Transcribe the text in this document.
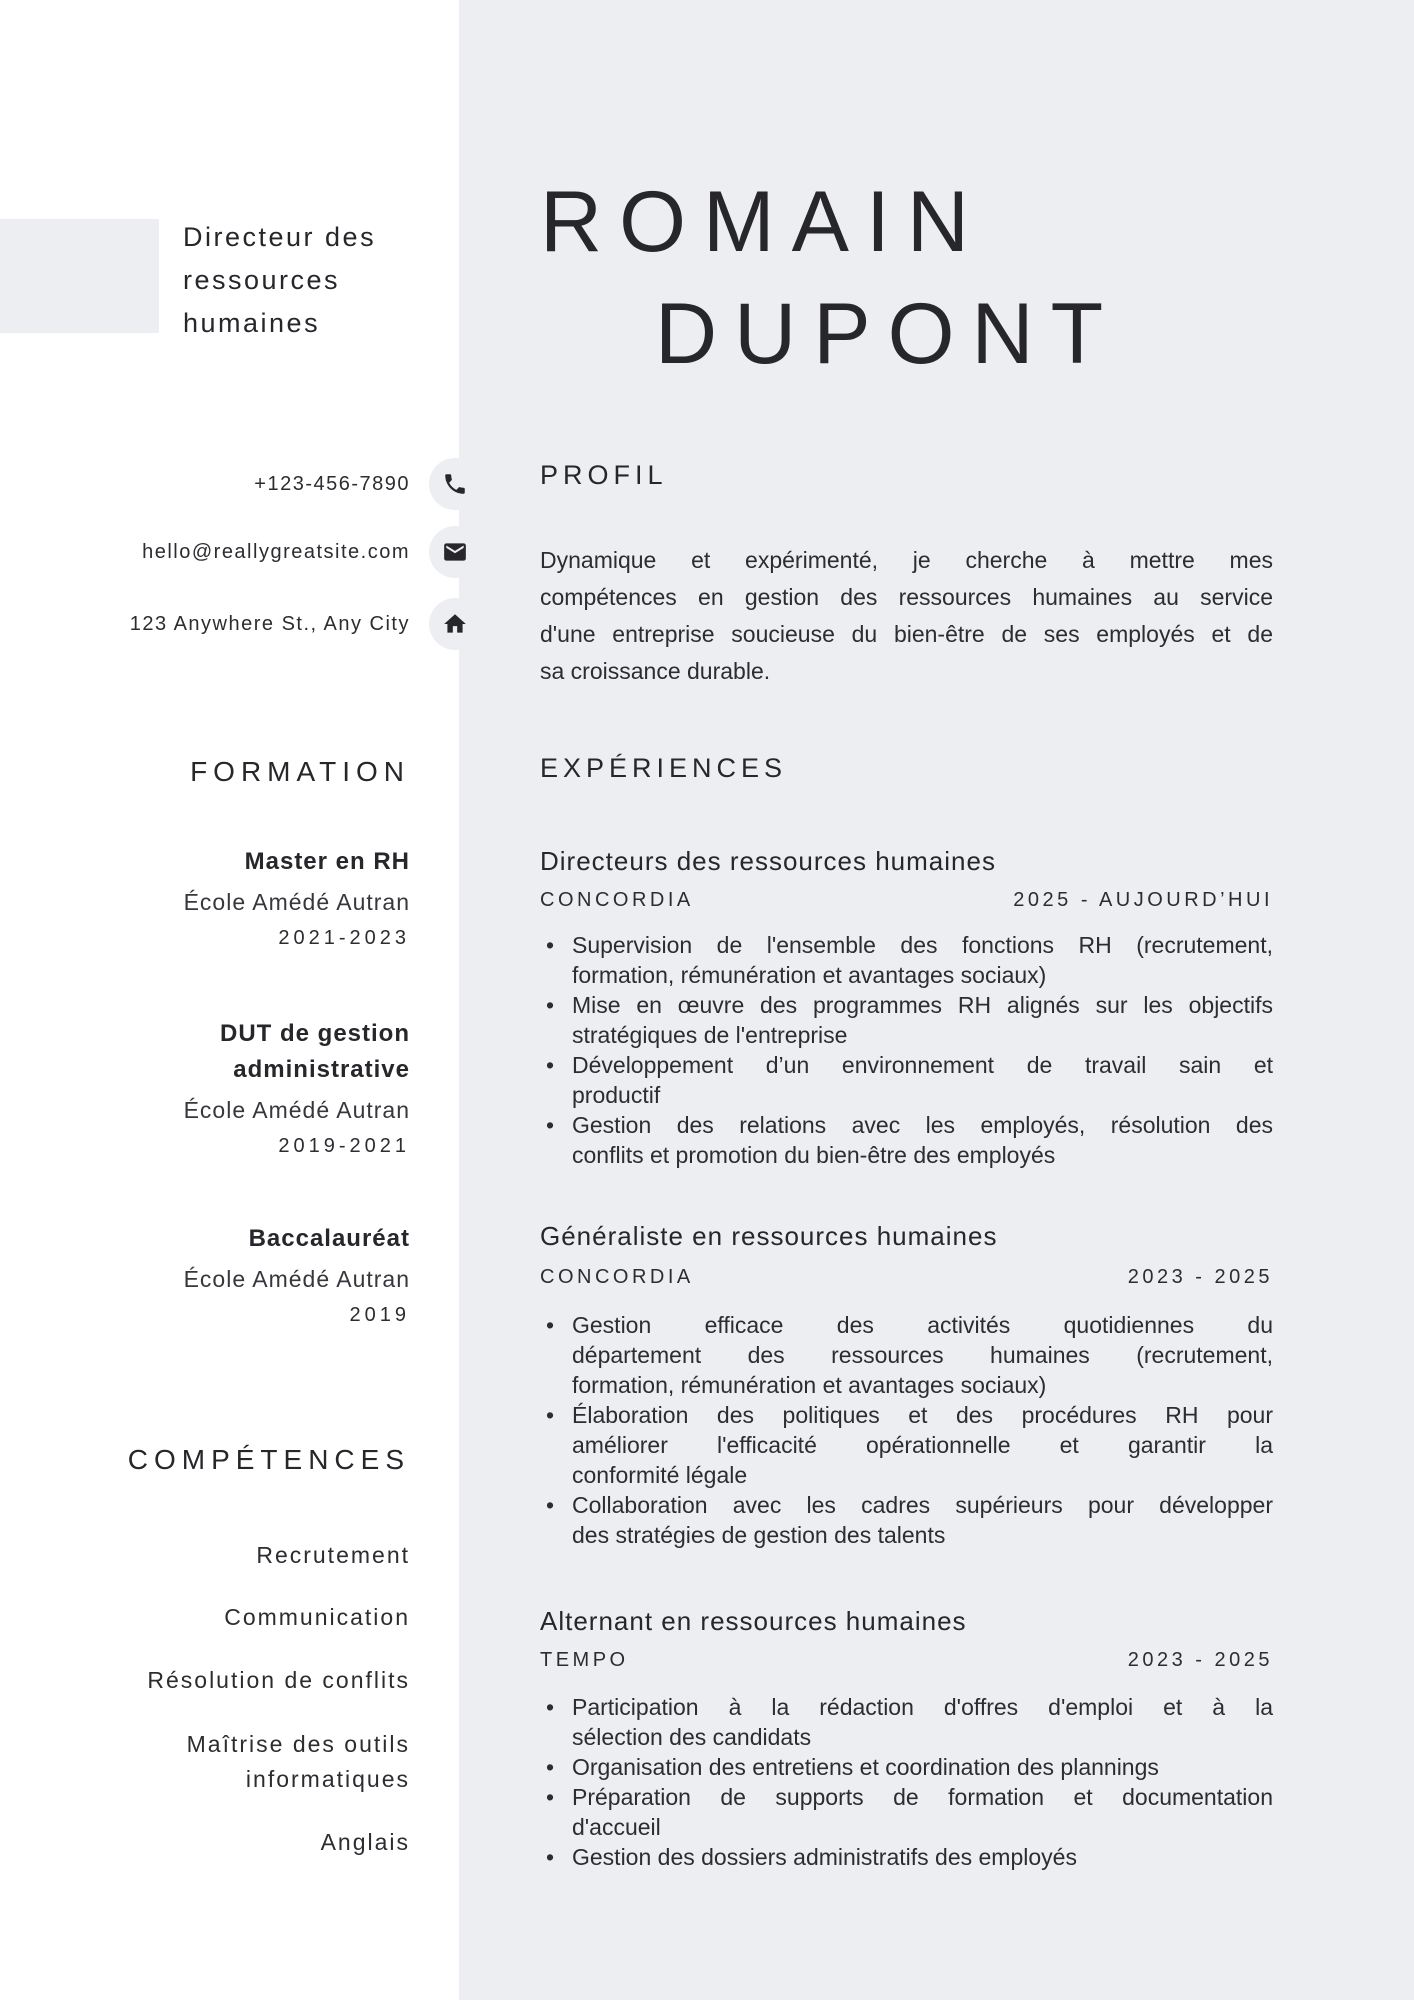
Directeur des
ressources
humaines
+123-456-7890
hello@reallygreatsite.com
123 Anywhere St., Any City
FORMATION
Master en RH
École Amédé Autran
2021-2023
DUT de gestion administrative
École Amédé Autran
2019-2021
Baccalauréat
École Amédé Autran
2019
COMPÉTENCES
Recrutement
Communication
Résolution de conflits
Maîtrise des outils informatiques
Anglais
ROMAIN
DUPONT
PROFIL
Dynamique et expérimenté, je cherche à mettre mes
compétences en gestion des ressources humaines au service
d'une entreprise soucieuse du bien-être de ses employés et de
sa croissance durable.
EXPÉRIENCES
Directeurs des ressources humaines
CONCORDIA	2025 - AUJOURD’HUI
• Supervision de l'ensemble des fonctions RH (recrutement,
formation, rémunération et avantages sociaux)
• Mise en œuvre des programmes RH alignés sur les objectifs
stratégiques de l'entreprise
• Développement d’un environnement de travail sain et
productif
• Gestion des relations avec les employés, résolution des
conflits et promotion du bien-être des employés
Généraliste en ressources humaines
CONCORDIA	2023 - 2025
• Gestion efficace des activités quotidiennes du
département des ressources humaines (recrutement,
formation, rémunération et avantages sociaux)
• Élaboration des politiques et des procédures RH pour
améliorer l'efficacité opérationnelle et garantir la
conformité légale
• Collaboration avec les cadres supérieurs pour développer
des stratégies de gestion des talents
Alternant en ressources humaines
TEMPO	2023 - 2025
• Participation à la rédaction d'offres d'emploi et à la
sélection des candidats
• Organisation des entretiens et coordination des plannings
• Préparation de supports de formation et documentation
d'accueil
• Gestion des dossiers administratifs des employés
